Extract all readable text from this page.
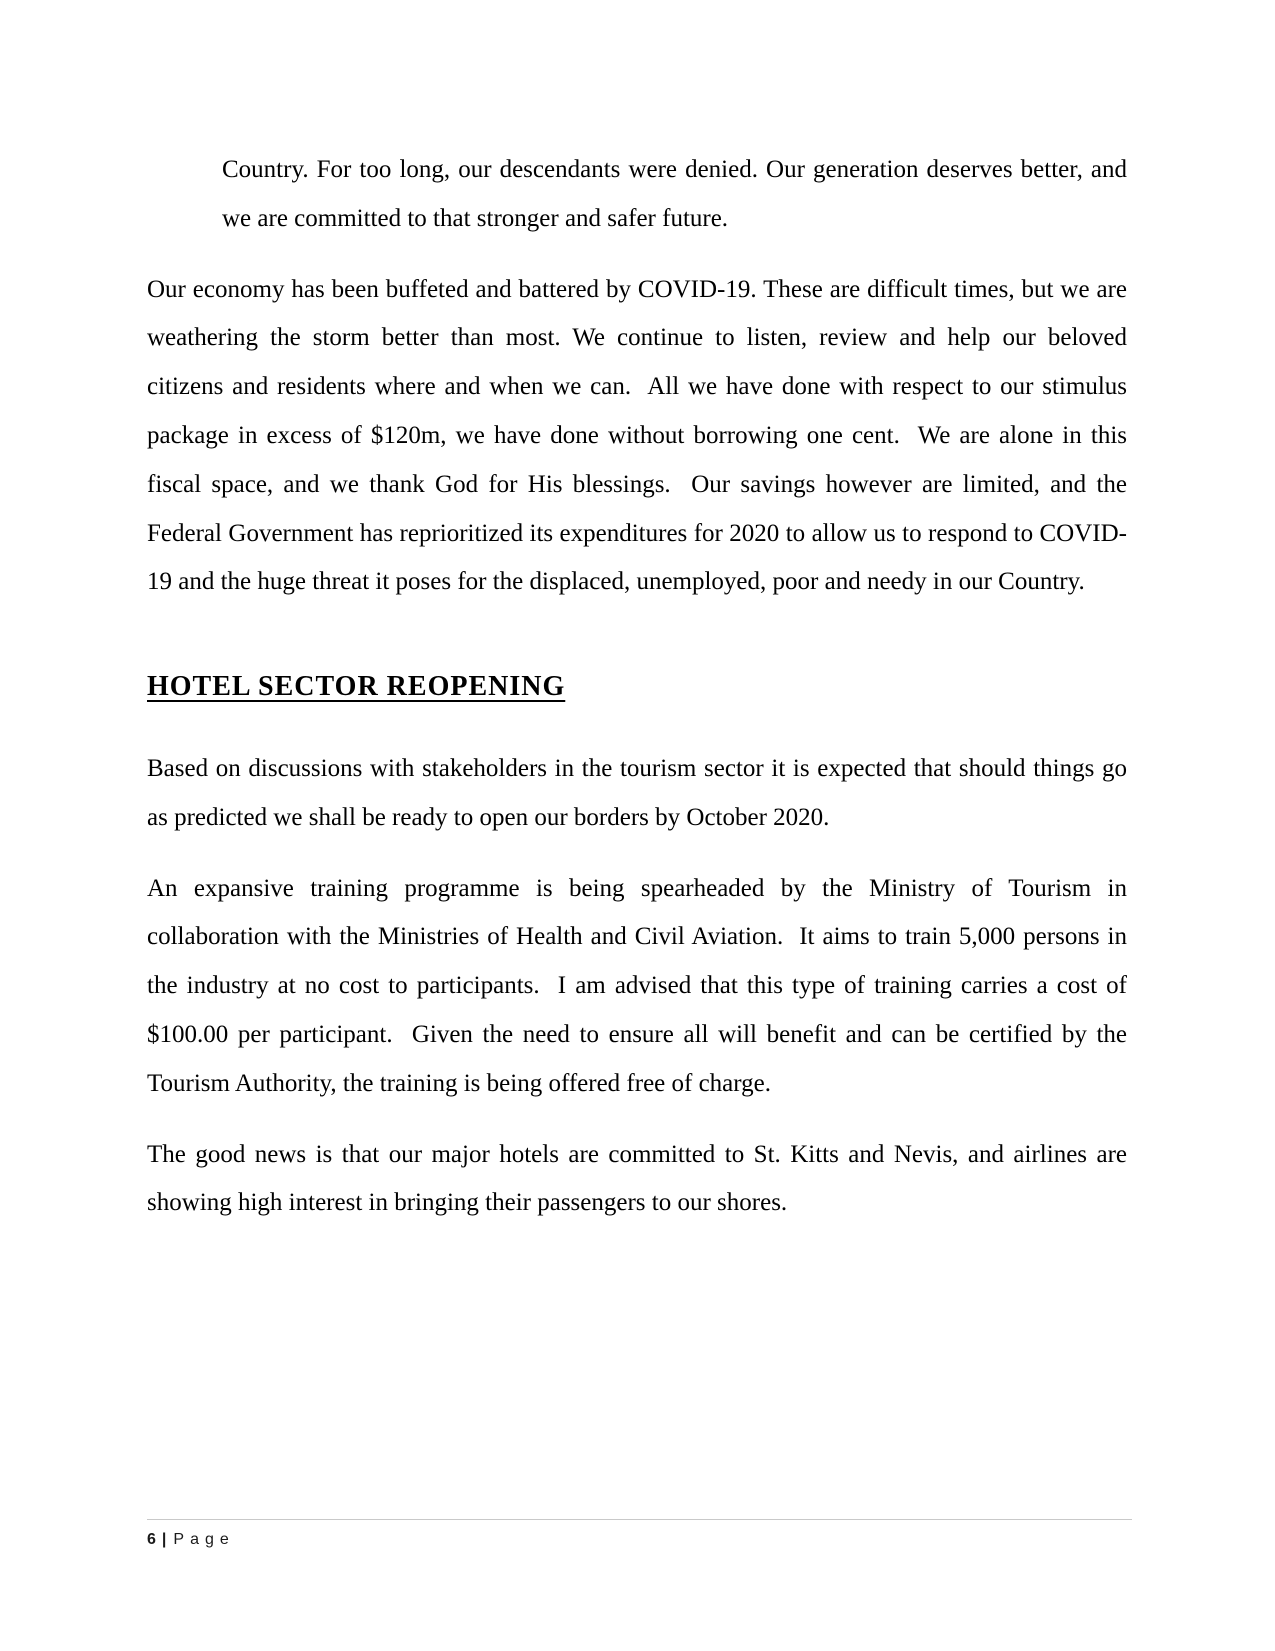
Country. For too long, our descendants were denied. Our generation deserves better, and we are committed to that stronger and safer future.

Our economy has been buffeted and battered by COVID-19. These are difficult times, but we are weathering the storm better than most. We continue to listen, review and help our beloved citizens and residents where and when we can.  All we have done with respect to our stimulus package in excess of $120m, we have done without borrowing one cent.  We are alone in this fiscal space, and we thank God for His blessings.  Our savings however are limited, and the Federal Government has reprioritized its expenditures for 2020 to allow us to respond to COVID-19 and the huge threat it poses for the displaced, unemployed, poor and needy in our Country.

HOTEL SECTOR REOPENING

Based on discussions with stakeholders in the tourism sector it is expected that should things go as predicted we shall be ready to open our borders by October 2020.

An expansive training programme is being spearheaded by the Ministry of Tourism in collaboration with the Ministries of Health and Civil Aviation.  It aims to train 5,000 persons in the industry at no cost to participants.  I am advised that this type of training carries a cost of $100.00 per participant.  Given the need to ensure all will benefit and can be certified by the Tourism Authority, the training is being offered free of charge.

The good news is that our major hotels are committed to St. Kitts and Nevis, and airlines are showing high interest in bringing their passengers to our shores.

6 | Page
